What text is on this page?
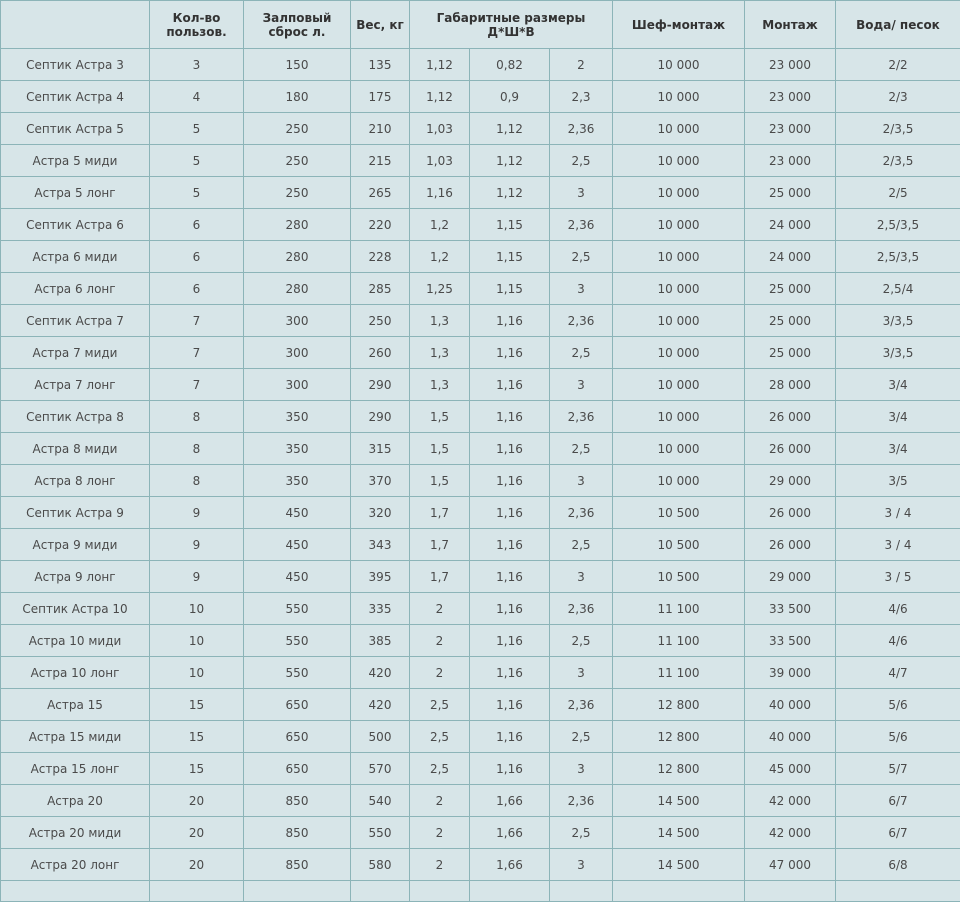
	Кол-во пользов.	Залповый сброс л.	Вес, кг	Габаритные размеры Д*Ш*В			Шеф-монтаж	Монтаж	Вода/ песок
Септик Астра 3	3	150	135	1,12	0,82	2	10 000	23 000	2/2
Септик Астра 4	4	180	175	1,12	0,9	2,3	10 000	23 000	2/3
Септик Астра 5	5	250	210	1,03	1,12	2,36	10 000	23 000	2/3,5
Астра 5 миди	5	250	215	1,03	1,12	2,5	10 000	23 000	2/3,5
Астра 5 лонг	5	250	265	1,16	1,12	3	10 000	25 000	2/5
Септик Астра 6	6	280	220	1,2	1,15	2,36	10 000	24 000	2,5/3,5
Астра 6 миди	6	280	228	1,2	1,15	2,5	10 000	24 000	2,5/3,5
Астра 6 лонг	6	280	285	1,25	1,15	3	10 000	25 000	2,5/4
Септик Астра 7	7	300	250	1,3	1,16	2,36	10 000	25 000	3/3,5
Астра 7 миди	7	300	260	1,3	1,16	2,5	10 000	25 000	3/3,5
Астра 7 лонг	7	300	290	1,3	1,16	3	10 000	28 000	3/4
Септик Астра 8	8	350	290	1,5	1,16	2,36	10 000	26 000	3/4
Астра 8 миди	8	350	315	1,5	1,16	2,5	10 000	26 000	3/4
Астра 8 лонг	8	350	370	1,5	1,16	3	10 000	29 000	3/5
Септик Астра 9	9	450	320	1,7	1,16	2,36	10 500	26 000	3 / 4
Астра 9 миди	9	450	343	1,7	1,16	2,5	10 500	26 000	3 / 4
Астра 9 лонг	9	450	395	1,7	1,16	3	10 500	29 000	3 / 5
Септик Астра 10	10	550	335	2	1,16	2,36	11 100	33 500	4/6
Астра 10 миди	10	550	385	2	1,16	2,5	11 100	33 500	4/6
Астра 10 лонг	10	550	420	2	1,16	3	11 100	39 000	4/7
Астра 15	15	650	420	2,5	1,16	2,36	12 800	40 000	5/6
Астра 15 миди	15	650	500	2,5	1,16	2,5	12 800	40 000	5/6
Астра 15 лонг	15	650	570	2,5	1,16	3	12 800	45 000	5/7
Астра 20	20	850	540	2	1,66	2,36	14 500	42 000	6/7
Астра 20 миди	20	850	550	2	1,66	2,5	14 500	42 000	6/7
Астра 20 лонг	20	850	580	2	1,66	3	14 500	47 000	6/8
